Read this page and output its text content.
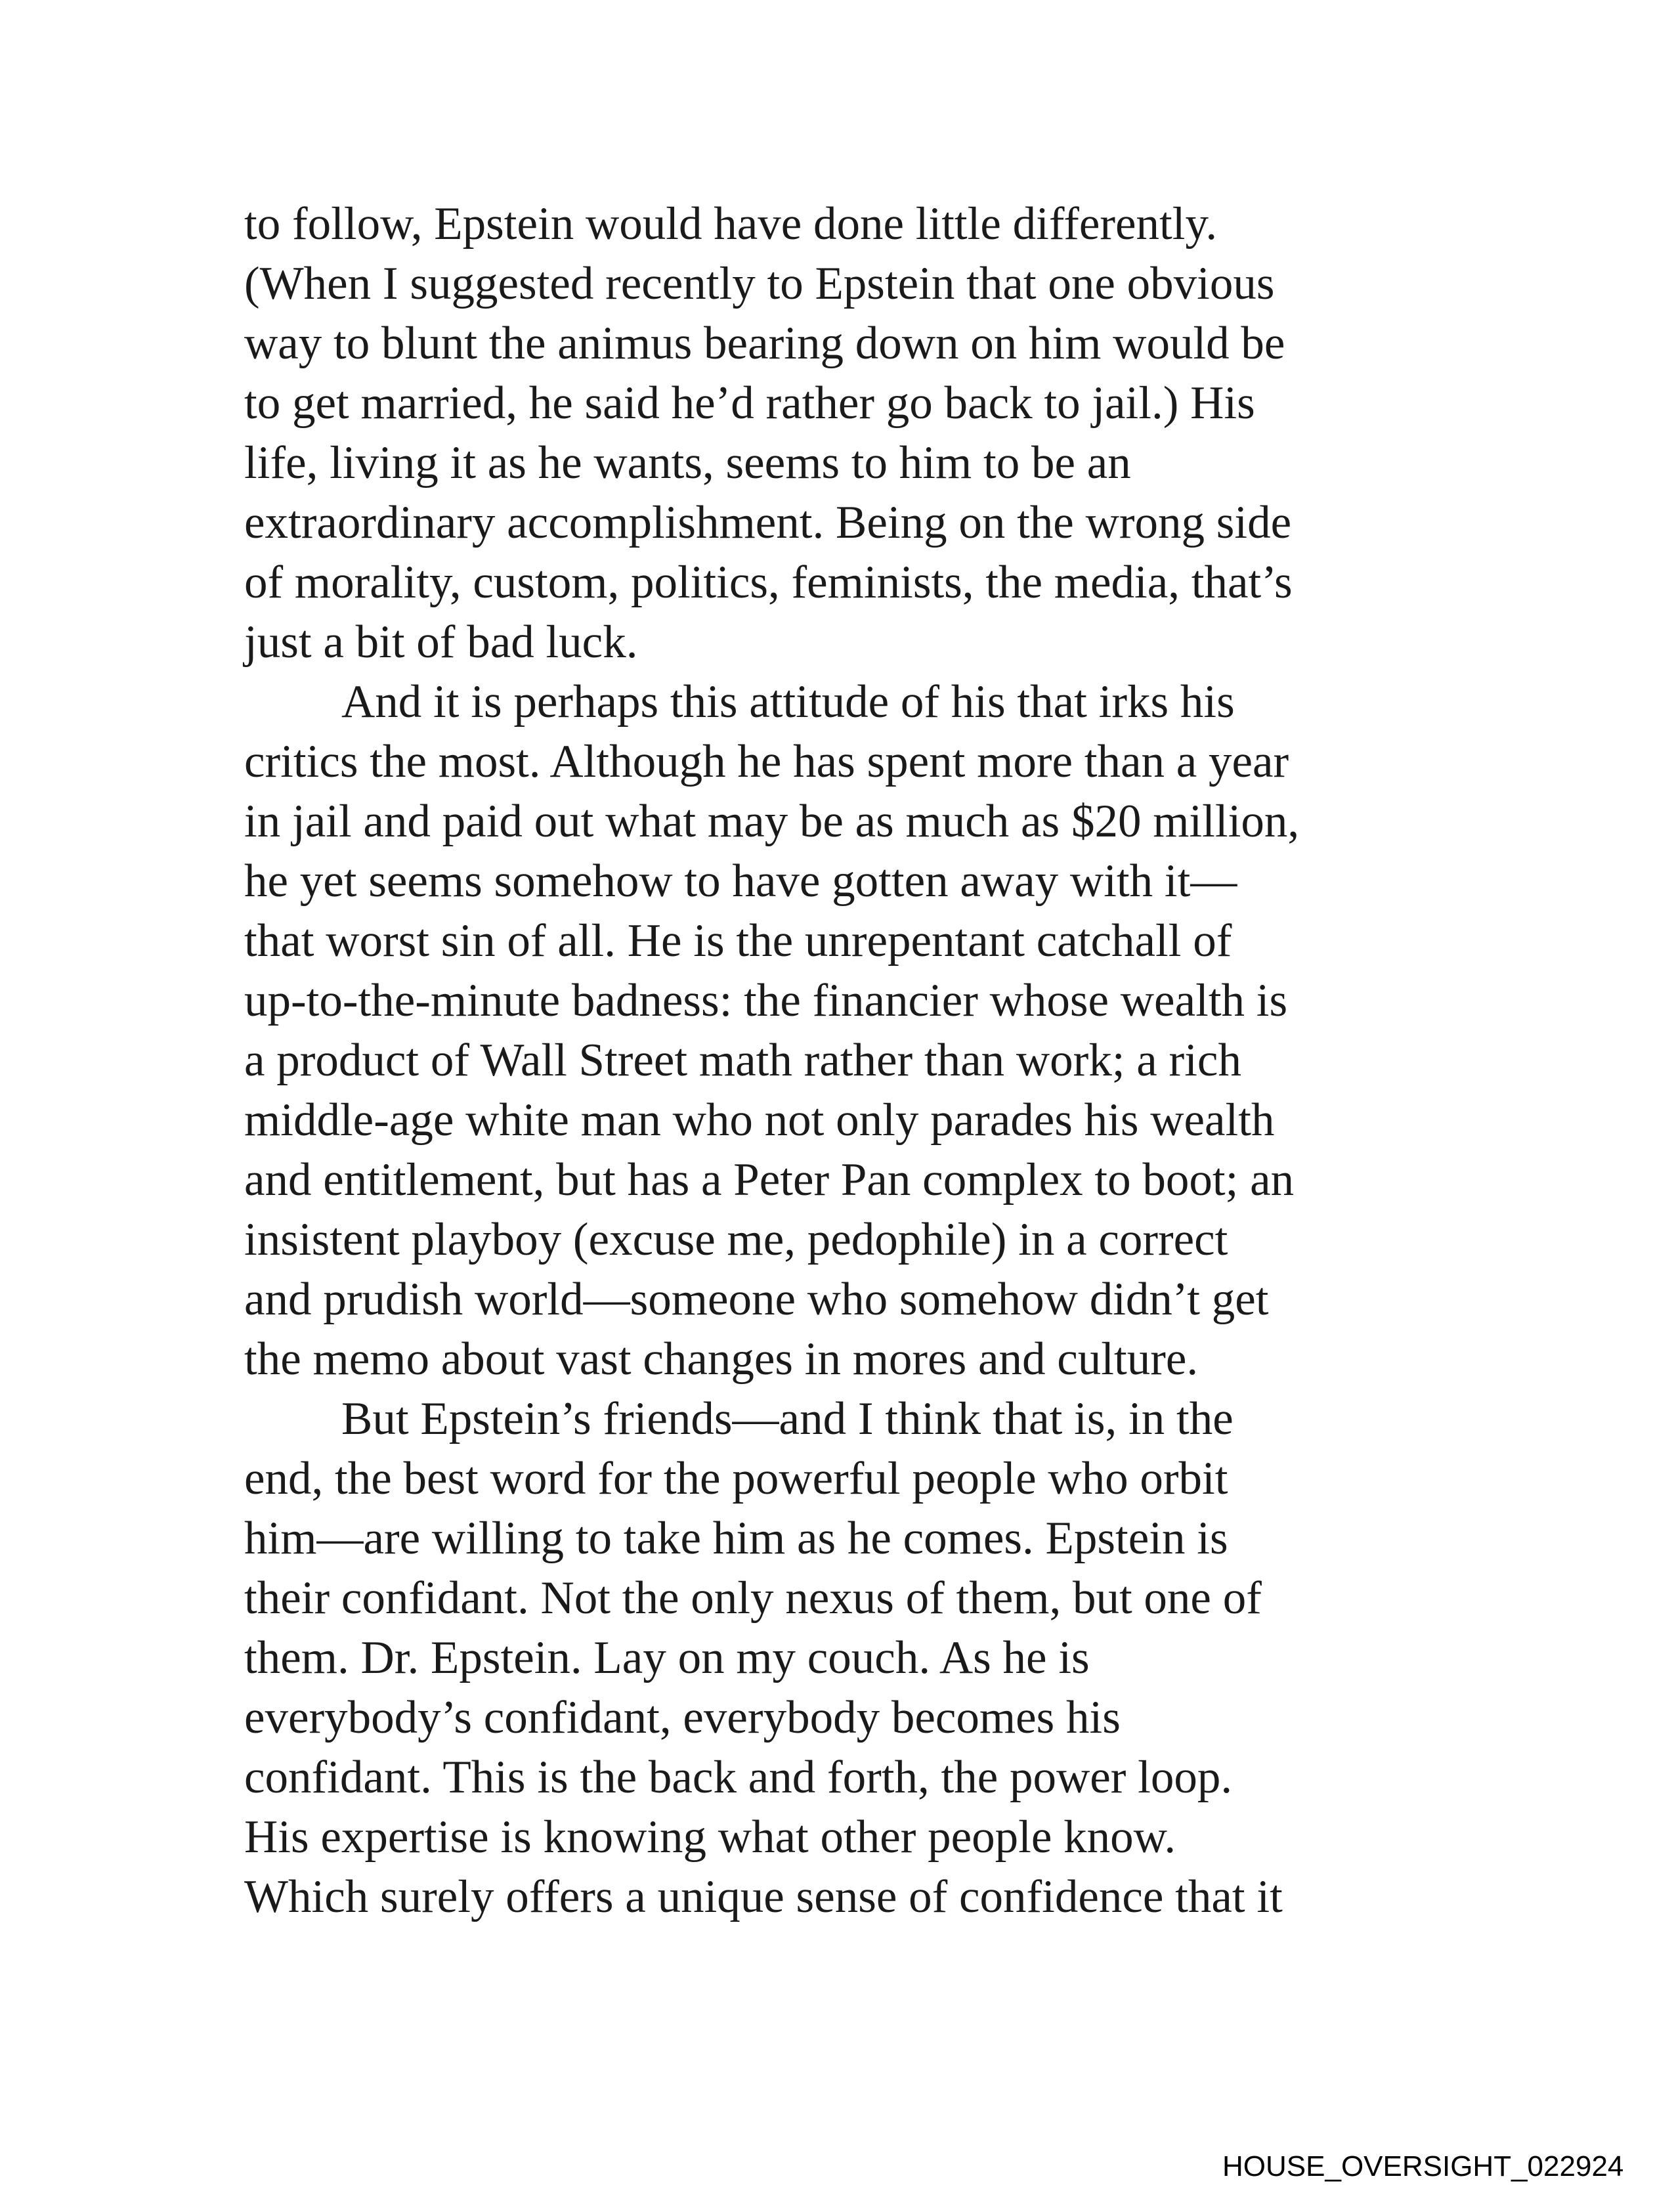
to follow, Epstein would have done little differently.
(When I suggested recently to Epstein that one obvious
way to blunt the animus bearing down on him would be
to get married, he said he’d rather go back to jail.) His
life, living it as he wants, seems to him to be an
extraordinary accomplishment. Being on the wrong side
of morality, custom, politics, feminists, the media, that’s
just a bit of bad luck.
And it is perhaps this attitude of his that irks his
critics the most. Although he has spent more than a year
in jail and paid out what may be as much as $20 million,
he yet seems somehow to have gotten away with it—
that worst sin of all. He is the unrepentant catchall of
up-to-the-minute badness: the financier whose wealth is
a product of Wall Street math rather than work; a rich
middle-age white man who not only parades his wealth
and entitlement, but has a Peter Pan complex to boot; an
insistent playboy (excuse me, pedophile) in a correct
and prudish world—someone who somehow didn’t get
the memo about vast changes in mores and culture.
But Epstein’s friends—and I think that is, in the
end, the best word for the powerful people who orbit
him—are willing to take him as he comes. Epstein is
their confidant. Not the only nexus of them, but one of
them. Dr. Epstein. Lay on my couch. As he is
everybody’s confidant, everybody becomes his
confidant. This is the back and forth, the power loop.
His expertise is knowing what other people know.
Which surely offers a unique sense of confidence that it
HOUSE_OVERSIGHT_022924
